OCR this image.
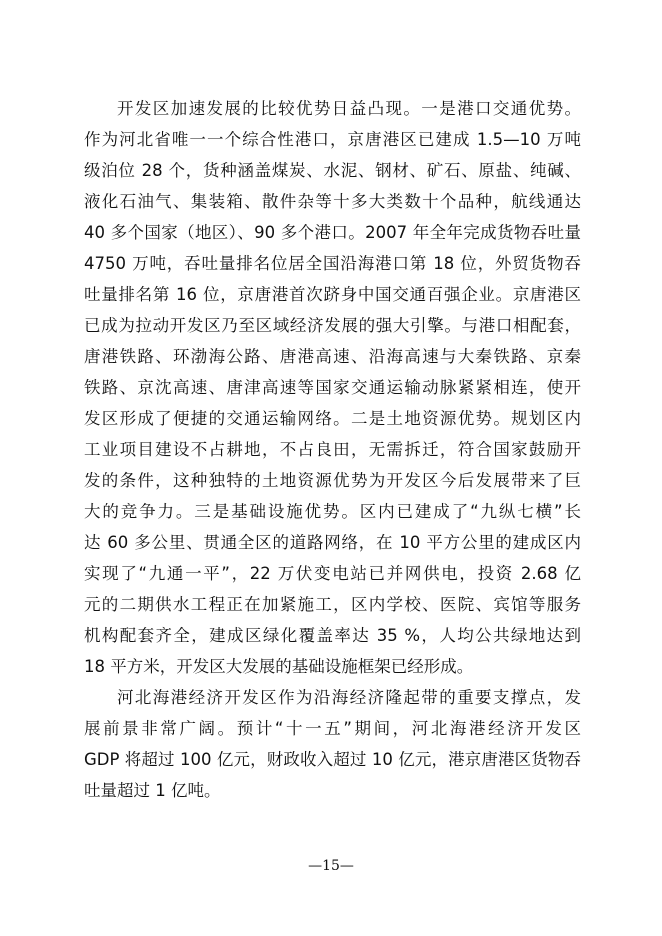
开发区加速发展的比较优势日益凸现。一是港口交通优势。
作为河北省唯一一个综合性港口，京唐港区已建成 1.5—10 万吨
级泊位 28 个，货种涵盖煤炭、水泥、钢材、矿石、原盐、纯碱、
液化石油气、集装箱、散件杂等十多大类数十个品种，航线通达
40 多个国家（地区）、90 多个港口。2007 年全年完成货物吞吐量
4750 万吨，吞吐量排名位居全国沿海港口第 18 位，外贸货物吞
吐量排名第 16 位，京唐港首次跻身中国交通百强企业。京唐港区
已成为拉动开发区乃至区域经济发展的强大引擎。与港口相配套，
唐港铁路、环渤海公路、唐港高速、沿海高速与大秦铁路、京秦
铁路、京沈高速、唐津高速等国家交通运输动脉紧紧相连，使开
发区形成了便捷的交通运输网络。二是土地资源优势。规划区内
工业项目建设不占耕地，不占良田，无需拆迁，符合国家鼓励开
发的条件，这种独特的土地资源优势为开发区今后发展带来了巨
大的竞争力。三是基础设施优势。区内已建成了“九纵七横”长
达 60 多公里、贯通全区的道路网络，在 10 平方公里的建成区内
实现了“九通一平”，22 万伏变电站已并网供电，投资 2.68 亿
元的二期供水工程正在加紧施工，区内学校、医院、宾馆等服务
机构配套齐全，建成区绿化覆盖率达 35 %，人均公共绿地达到
18 平方米，开发区大发展的基础设施框架已经形成。
河北海港经济开发区作为沿海经济隆起带的重要支撑点，发
展前景非常广阔。预计“十一五”期间，河北海港经济开发区
GDP 将超过 100 亿元，财政收入超过 10 亿元，港京唐港区货物吞
吐量超过 1 亿吨。
—15—
